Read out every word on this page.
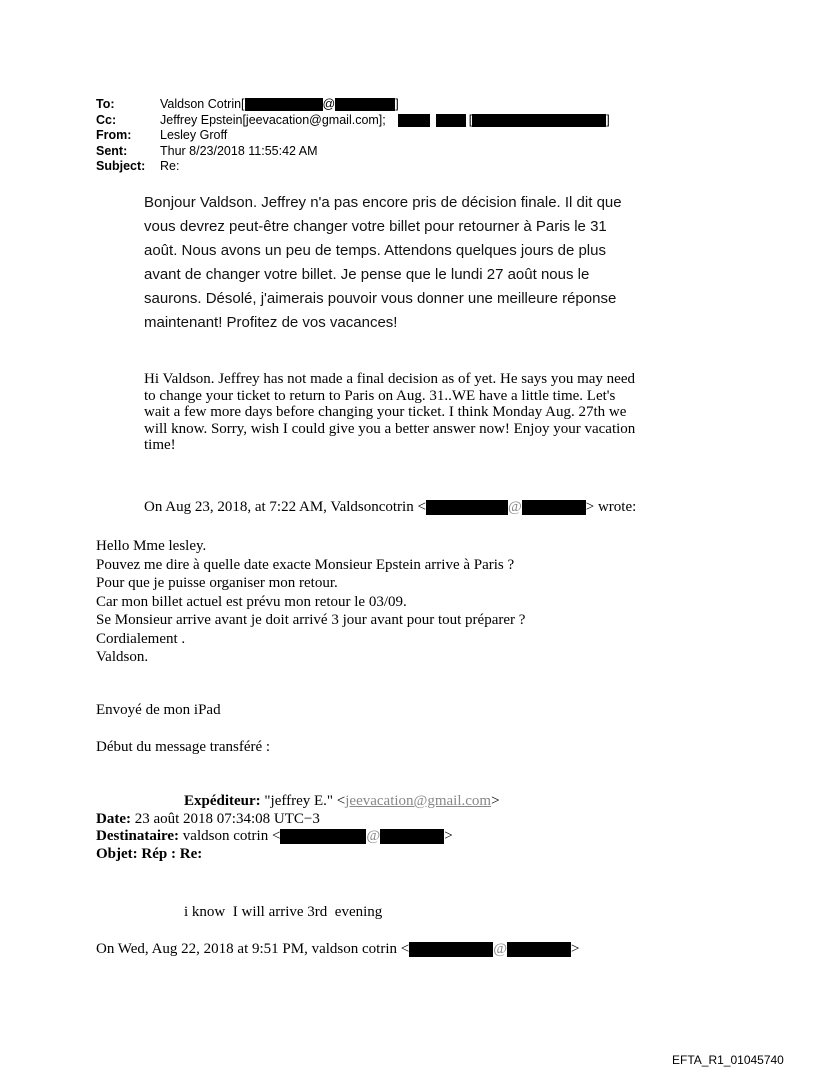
To:	Valdson Cotrin[	@	]
Cc:	Jeffrey Epstein[jeevacation@gmail.com];	[	]
From:	Lesley Groff
Sent:	Thur 8/23/2018 11:55:42 AM
Subject:	Re:

Bonjour Valdson. Jeffrey n'a pas encore pris de décision finale. Il dit que

vous devrez peut-être changer votre billet pour retourner à Paris le 31

août. Nous avons un peu de temps. Attendons quelques jours de plus

avant de changer votre billet. Je pense que le lundi 27 août nous le

saurons. Désolé, j'aimerais pouvoir vous donner une meilleure réponse

maintenant! Profitez de vos vacances!

Hi Valdson. Jeffrey has not made a final decision as of yet. He says you may need

to change your ticket to return to Paris on Aug. 31..WE have a little time. Let's

wait a few more days before changing your ticket. I think Monday Aug. 27th we

will know. Sorry, wish I could give you a better answer now! Enjoy your vacation

time!

On Aug 23, 2018, at 7:22 AM, Valdsoncotrin <	@	> wrote:

Hello Mme lesley.

Pouvez me dire à quelle date exacte Monsieur Epstein arrive à Paris ?

Pour que je puisse organiser mon retour.

Car mon billet actuel est prévu mon retour le 03/09.

Se Monsieur arrive avant je doit arrivé 3 jour avant pour tout préparer ?

Cordialement .

Valdson.

Envoyé de mon iPad
Début du message transféré :
Expéditeur: "jeffrey E." < jeevacation@gmail.com >
Date: 23 août 2018 07:34:08 UTC−3
Destinataire: valdson cotrin <	@	>
Objet: Rép : Re:
i know  I will arrive 3rd  evening
On Wed, Aug 22, 2018 at 9:51 PM, valdson cotrin <	@	>
EFTA_R1_01045740
